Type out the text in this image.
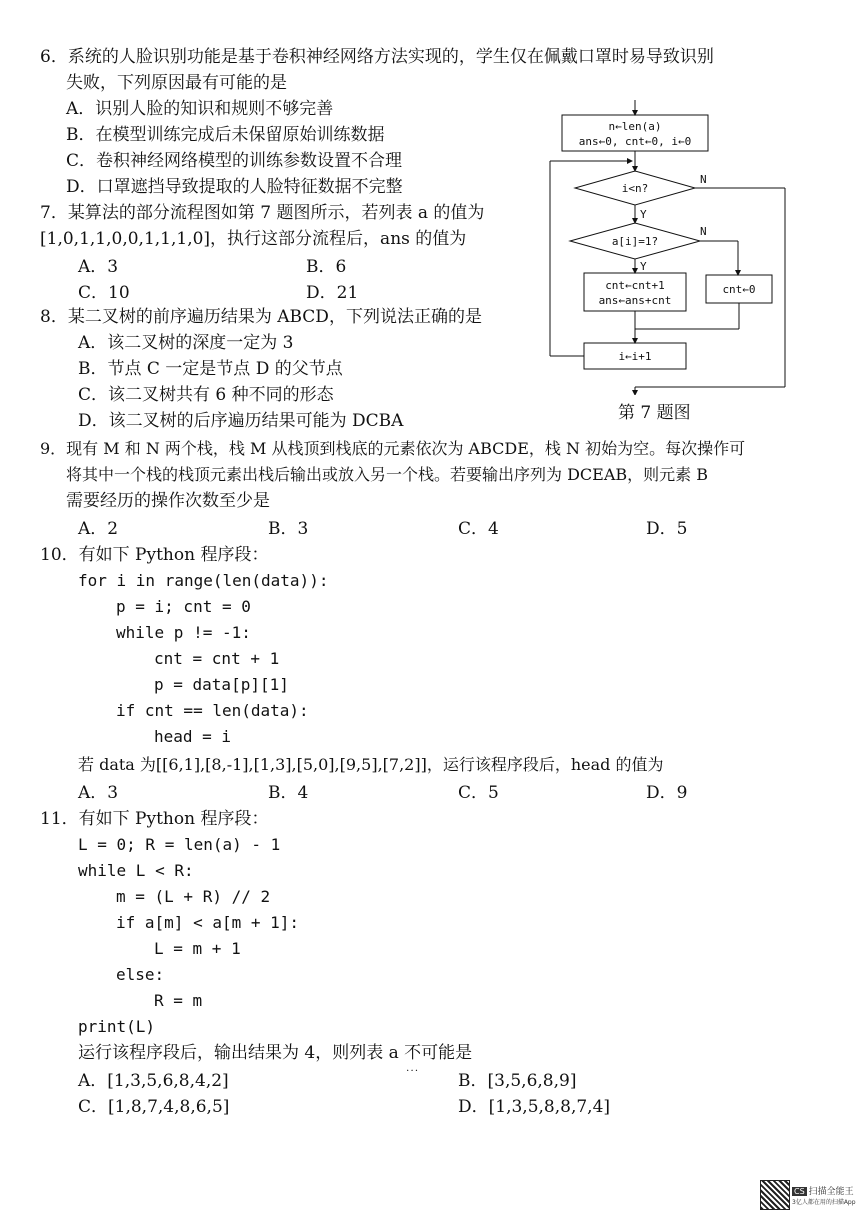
6．系统的人脸识别功能是基于卷积神经网络方法实现的，学生仅在佩戴口罩时易导致识别
失败，下列原因最有可能的是
A．识别人脸的知识和规则不够完善
B．在模型训练完成后未保留原始训练数据
C．卷积神经网络模型的训练参数设置不合理
D．口罩遮挡导致提取的人脸特征数据不完整
7．某算法的部分流程图如第 7 题图所示，若列表 a 的值为
[1,0,1,1,0,0,1,1,1,0]，执行这部分流程后，ans 的值为
A．3	B．6
C．10	D．21
n←len(a)
ans←0, cnt←0, i←0
i<n?
N
Y
a[i]=1?
N
Y
cnt←cnt+1
ans←ans+cnt
cnt←0
i←i+1
第 7 题图
8．某二叉树的前序遍历结果为 ABCD，下列说法正确的是
A．该二叉树的深度一定为 3
B．节点 C 一定是节点 D 的父节点
C．该二叉树共有 6 种不同的形态
D．该二叉树的后序遍历结果可能为 DCBA
9．现有 M 和 N 两个栈，栈 M 从栈顶到栈底的元素依次为 ABCDE，栈 N 初始为空。每次操作可
将其中一个栈的栈顶元素出栈后输出或放入另一个栈。若要输出序列为 DCEAB，则元素 B
需要经历的操作次数至少是
A．2	B．3	C．4	D．5
10．有如下 Python 程序段：
for i in range(len(data)):
p = i; cnt = 0
while p != -1:
cnt = cnt + 1
p = data[p][1]
if cnt == len(data):
head = i
若 data 为[[6,1],[8,-1],[1,3],[5,0],[9,5],[7,2]]，运行该程序段后，head 的值为
A．3	B．4	C．5	D．9
11．有如下 Python 程序段：
L = 0; R = len(a) - 1
while L < R:
m = (L + R) // 2
if a[m] < a[m + 1]:
L = m + 1
else:
R = m
print(L)
运行该程序段后，输出结果为 4，则列表 a 不可能 · · ·是
A．[1,3,5,6,8,4,2]	B．[3,5,6,8,9]
C．[1,8,7,4,8,6,5]	D．[1,3,5,8,8,7,4]
CS 扫描全能王
3亿人都在用的扫描App
